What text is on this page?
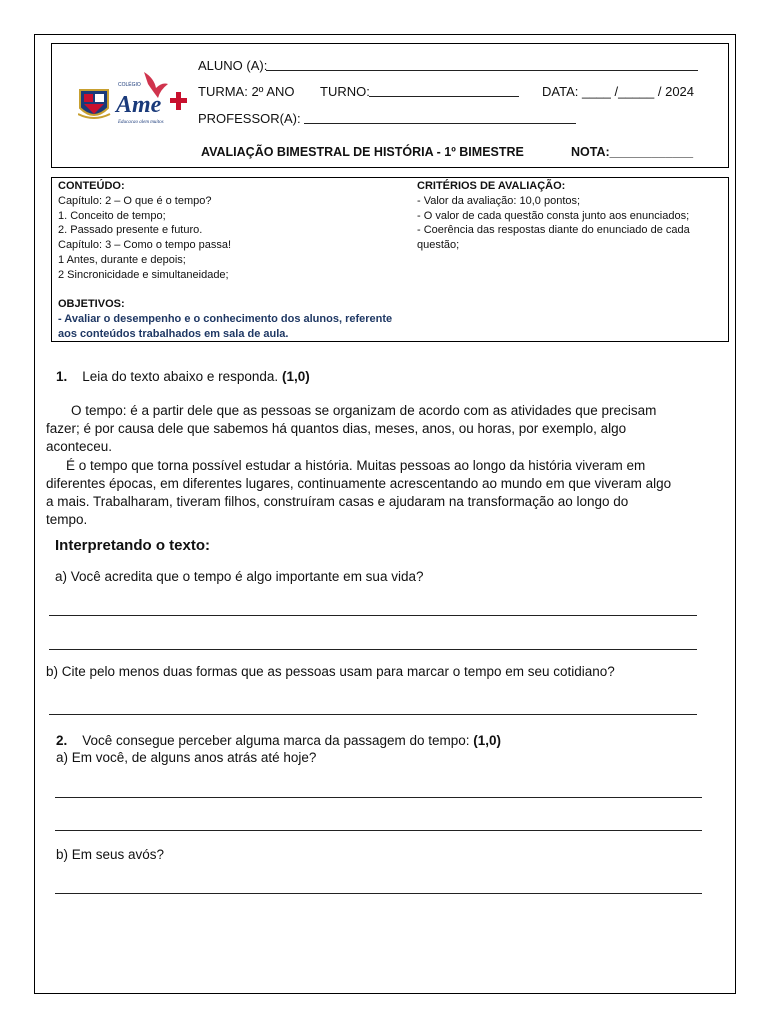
COLÉGIO
Ame
Educacao alem muitos
ALUNO (A):
TURMA: 2º ANO TURNO:	DATA: ____ /_____ / 2024
PROFESSOR(A):
AVALIAÇÃO BIMESTRAL DE HISTÓRIA - 1º BIMESTRE	NOTA:____________
CONTEÚDO:
Capítulo: 2 – O que é o tempo?
1. Conceito de tempo;
2. Passado presente e futuro.
Capítulo: 3 – Como o tempo passa!
1 Antes, durante e depois;
2 Sincronicidade e simultaneidade;
OBJETIVOS:
- Avaliar o desempenho e o conhecimento dos alunos, referente
aos conteúdos trabalhados em sala de aula.
CRITÉRIOS DE AVALIAÇÃO:
- Valor da avaliação: 10,0 pontos;
- O valor de cada questão consta junto aos enunciados;
- Coerência das respostas diante do enunciado de cada
questão;
1. Leia do texto abaixo e responda. (1,0)
O tempo: é a partir dele que as pessoas se organizam de acordo com as atividades que precisam
fazer; é por causa dele que sabemos há quantos dias, meses, anos, ou horas, por exemplo, algo
aconteceu.
É o tempo que torna possível estudar a história. Muitas pessoas ao longo da história viveram em
diferentes épocas, em diferentes lugares, continuamente acrescentando ao mundo em que viveram algo
a mais. Trabalharam, tiveram filhos, construíram casas e ajudaram na transformação ao longo do
tempo.
Interpretando o texto:
a) Você acredita que o tempo é algo importante em sua vida?
b) Cite pelo menos duas formas que as pessoas usam para marcar o tempo em seu cotidiano?
2. Você consegue perceber alguma marca da passagem do tempo: (1,0)
a) Em você, de alguns anos atrás até hoje?
b) Em seus avós?
